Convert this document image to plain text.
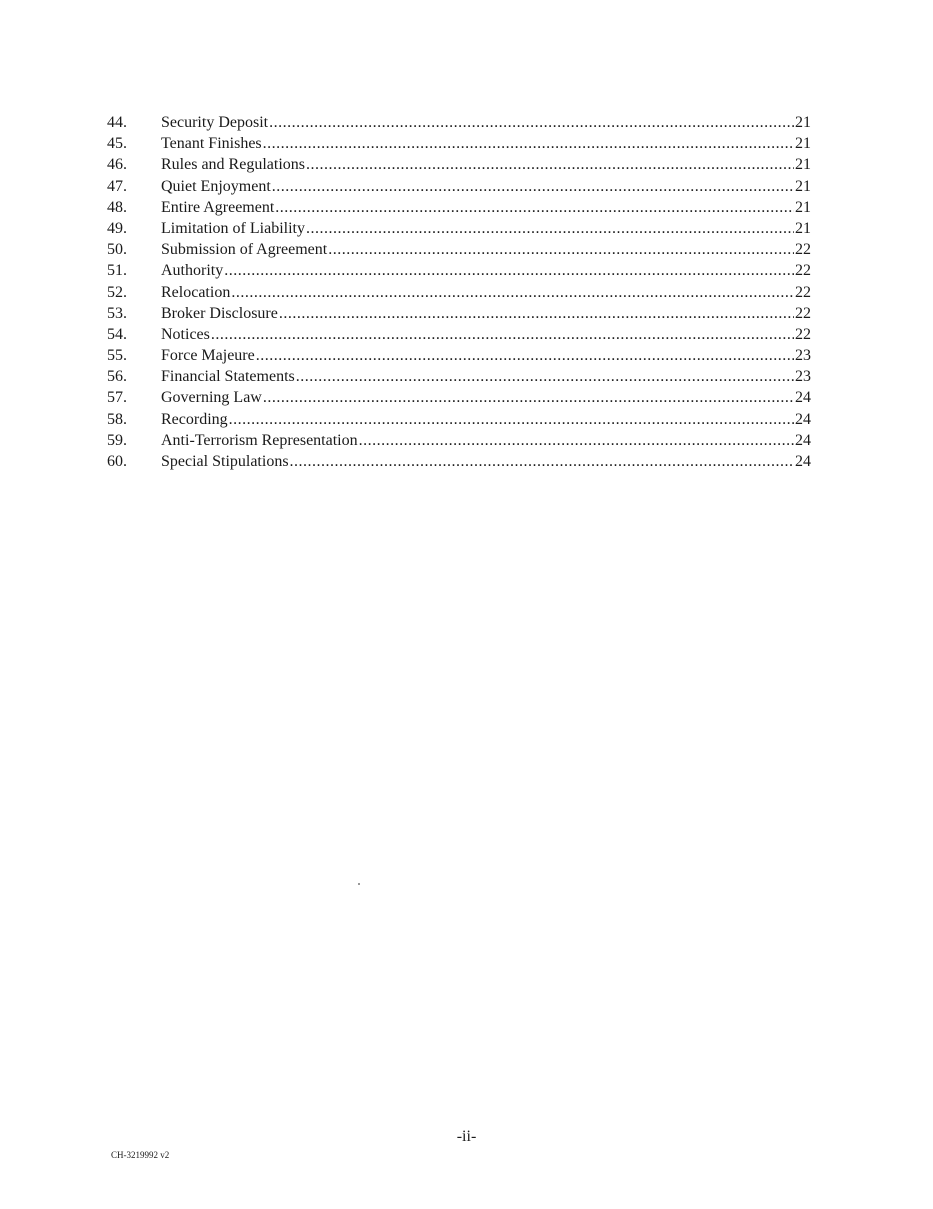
44.	Security Deposit .....	21
45.	Tenant Finishes .....	21
46.	Rules and Regulations .....	21
47.	Quiet Enjoyment .....	21
48.	Entire Agreement .....	21
49.	Limitation of Liability .....	21
50.	Submission of Agreement .....	22
51.	Authority .....	22
52.	Relocation .....	22
53.	Broker Disclosure .....	22
54.	Notices .....	22
55.	Force Majeure .....	23
56.	Financial Statements .....	23
57.	Governing Law .....	24
58.	Recording .....	24
59.	Anti-Terrorism Representation .....	24
60.	Special Stipulations .....	24
-ii-
CH-3219992 v2
